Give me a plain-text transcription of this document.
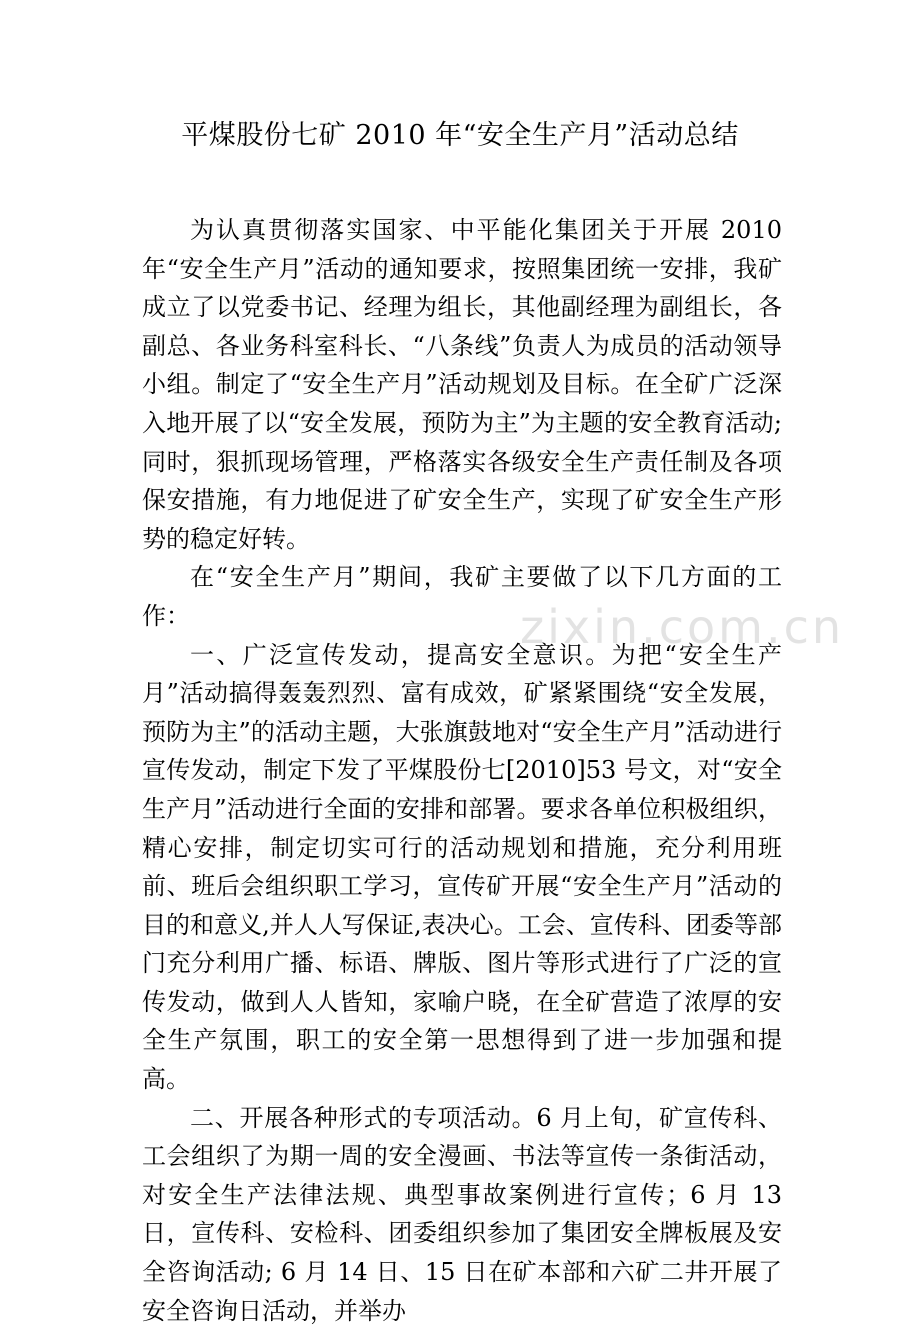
平煤股份七矿 2010 年“安全生产月”活动总结

为认真贯彻落实国家、中平能化集团关于开展 2010 年“安全生产月”活动的通知要求，按照集团统一安排，我矿成立了以党委书记、经理为组长，其他副经理为副组长，各副总、各业务科室科长、“八条线”负责人为成员的活动领导小组。制定了“安全生产月”活动规划及目标。在全矿广泛深入地开展了以“安全发展，预防为主”为主题的安全教育活动;同时，狠抓现场管理，严格落实各级安全生产责任制及各项保安措施，有力地促进了矿安全生产，实现了矿安全生产形势的稳定好转。

在“安全生产月”期间，我矿主要做了以下几方面的工作：

一、广泛宣传发动，提高安全意识。为把“安全生产月”活动搞得轰轰烈烈、富有成效，矿紧紧围绕“安全发展，预防为主”的活动主题，大张旗鼓地对“安全生产月”活动进行宣传发动，制定下发了平煤股份七[2010]53 号文，对“安全生产月”活动进行全面的安排和部署。要求各单位积极组织，精心安排，制定切实可行的活动规划和措施，充分利用班前、班后会组织职工学习，宣传矿开展“安全生产月”活动的目的和意义,并人人写保证,表决心。工会、宣传科、团委等部门充分利用广播、标语、牌版、图片等形式进行了广泛的宣传发动，做到人人皆知，家喻户晓，在全矿营造了浓厚的安全生产氛围，职工的安全第一思想得到了进一步加强和提高。

二、开展各种形式的专项活动。6 月上旬，矿宣传科、工会组织了为期一周的安全漫画、书法等宣传一条街活动，对安全生产法律法规、典型事故案例进行宣传；6 月 13 日，宣传科、安检科、团委组织参加了集团安全牌板展及安全咨询活动; 6 月 14 日、15 日在矿本部和六矿二井开展了安全咨询日活动，并举办

zixin.com.cn
